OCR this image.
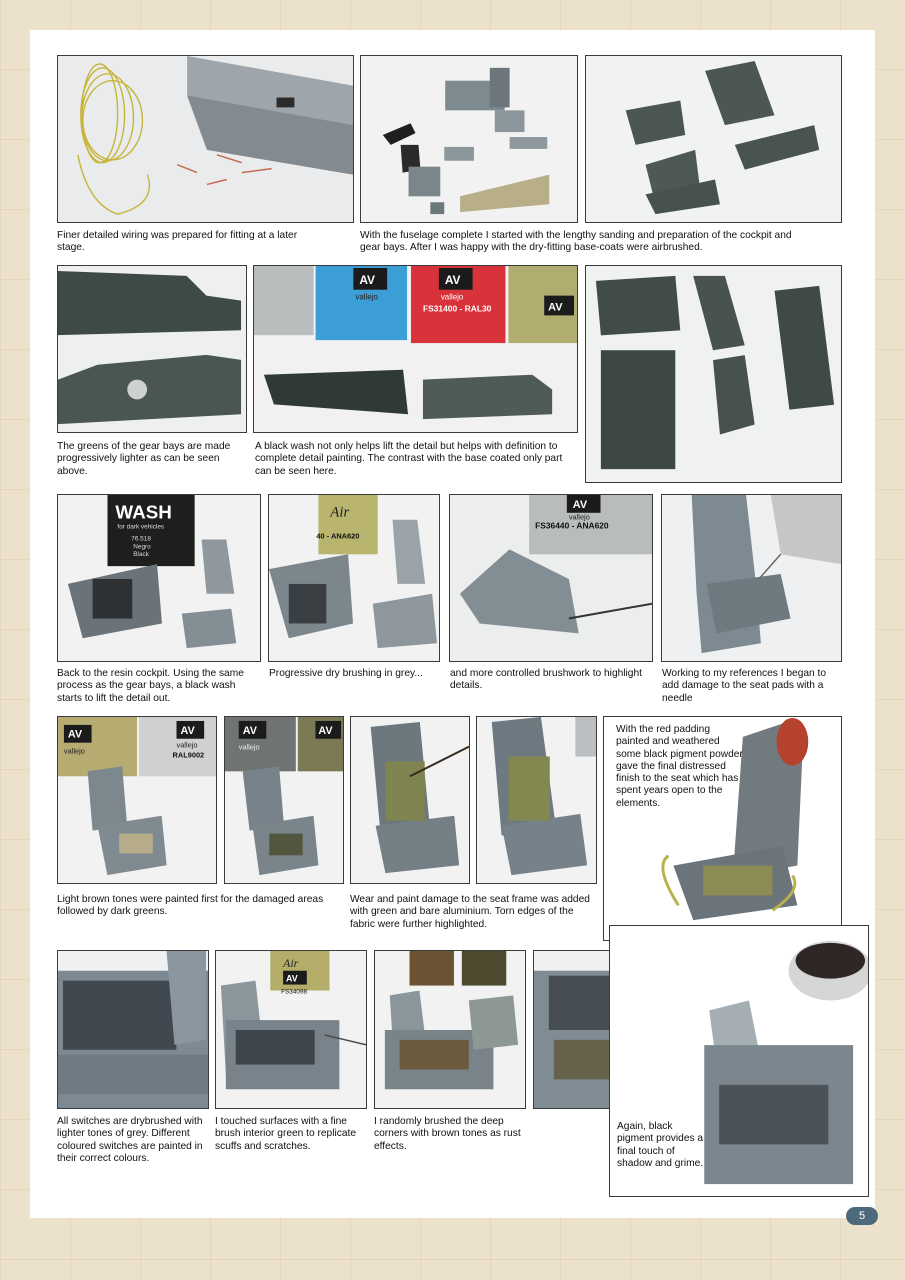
Finer detailed wiring was prepared for fitting at a later stage.

With the fuselage complete I started with the lengthy sanding and preparation of the cockpit and gear bays. After I was happy with the dry-fitting base-coats were airbrushed.

The greens of the gear bays are made progressively lighter as can be seen above.

AV
vallejo
AV
vallejo
FS31400 - RAL30	AV

A black wash not only helps lift the detail but helps with definition to complete detail painting. The contrast with the base coated only part can be seen here.

WASH
for dark vehicles
76.518
Negro
Black

Back to the resin cockpit. Using the same process as the gear bays, a black wash starts to lift the detail out.

Air
40 - ANA620

Progressive dry brushing in grey...

AV
vallejo
FS36440 - ANA620

and more controlled brushwork to highlight details.

Working to my references I began to add damage to the seat pads with a needle

AV
vallejo
AV
vallejo
RAL9002
AV
vallejo
AV

Light brown tones were painted first for the damaged areas followed by dark greens.

Wear and paint damage to the seat frame was added with green and bare aluminium. Torn edges of the fabric were further highlighted.

With the red padding painted and weathered some black pigment powder gave the final distressed finish to the seat which has spent years open to the elements.

All switches are drybrushed with lighter tones of grey. Different coloured switches are painted in their correct colours.

Air
AV
FS34098

I touched surfaces with a fine brush interior green to replicate scuffs and scratches.

I randomly brushed the deep corners with brown tones as rust effects.

Again, black pigment provides a final touch of shadow and grime.

5
